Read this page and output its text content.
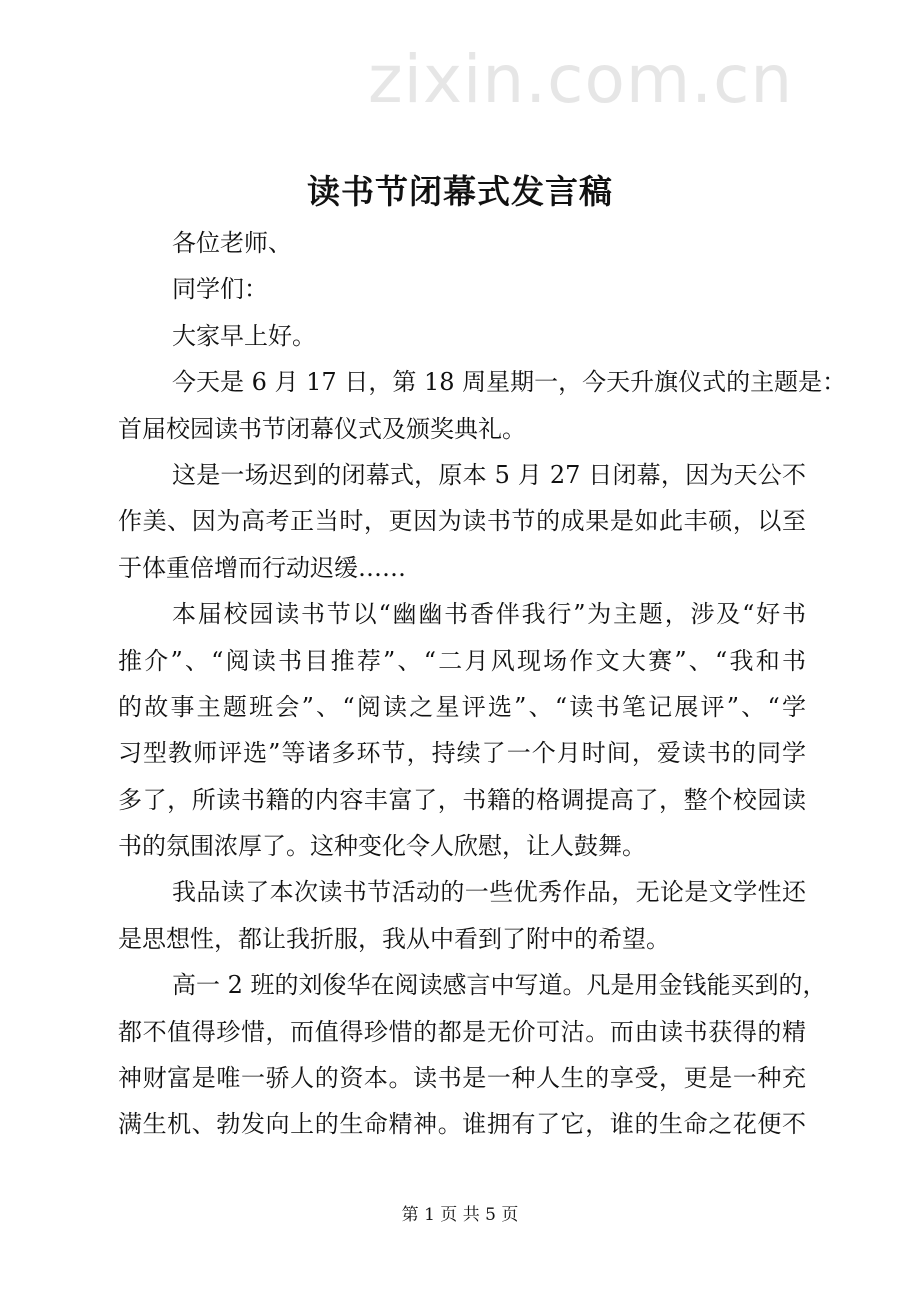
读书节闭幕式发言稿
zixin.com.cn
各位老师、
同学们：
大家早上好。
今天是 6 月 17 日，第 18 周星期一，今天升旗仪式的主题是：
首届校园读书节闭幕仪式及颁奖典礼。
这是一场迟到的闭幕式，原本 5 月 27 日闭幕，因为天公不
作美、因为高考正当时，更因为读书节的成果是如此丰硕，以至
于体重倍增而行动迟缓……
本届校园读书节以“幽幽书香伴我行”为主题，涉及“好书
推介”、“阅读书目推荐”、“二月风现场作文大赛”、“我和书
的故事主题班会”、“阅读之星评选”、“读书笔记展评”、“学
习型教师评选”等诸多环节，持续了一个月时间，爱读书的同学
多了，所读书籍的内容丰富了，书籍的格调提高了，整个校园读
书的氛围浓厚了。这种变化令人欣慰，让人鼓舞。
我品读了本次读书节活动的一些优秀作品，无论是文学性还
是思想性，都让我折服，我从中看到了附中的希望。
高一 2 班的刘俊华在阅读感言中写道。凡是用金钱能买到的，
都不值得珍惜，而值得珍惜的都是无价可沽。而由读书获得的精
神财富是唯一骄人的资本。读书是一种人生的享受，更是一种充
满生机、勃发向上的生命精神。谁拥有了它，谁的生命之花便不
第 1 页 共 5 页
